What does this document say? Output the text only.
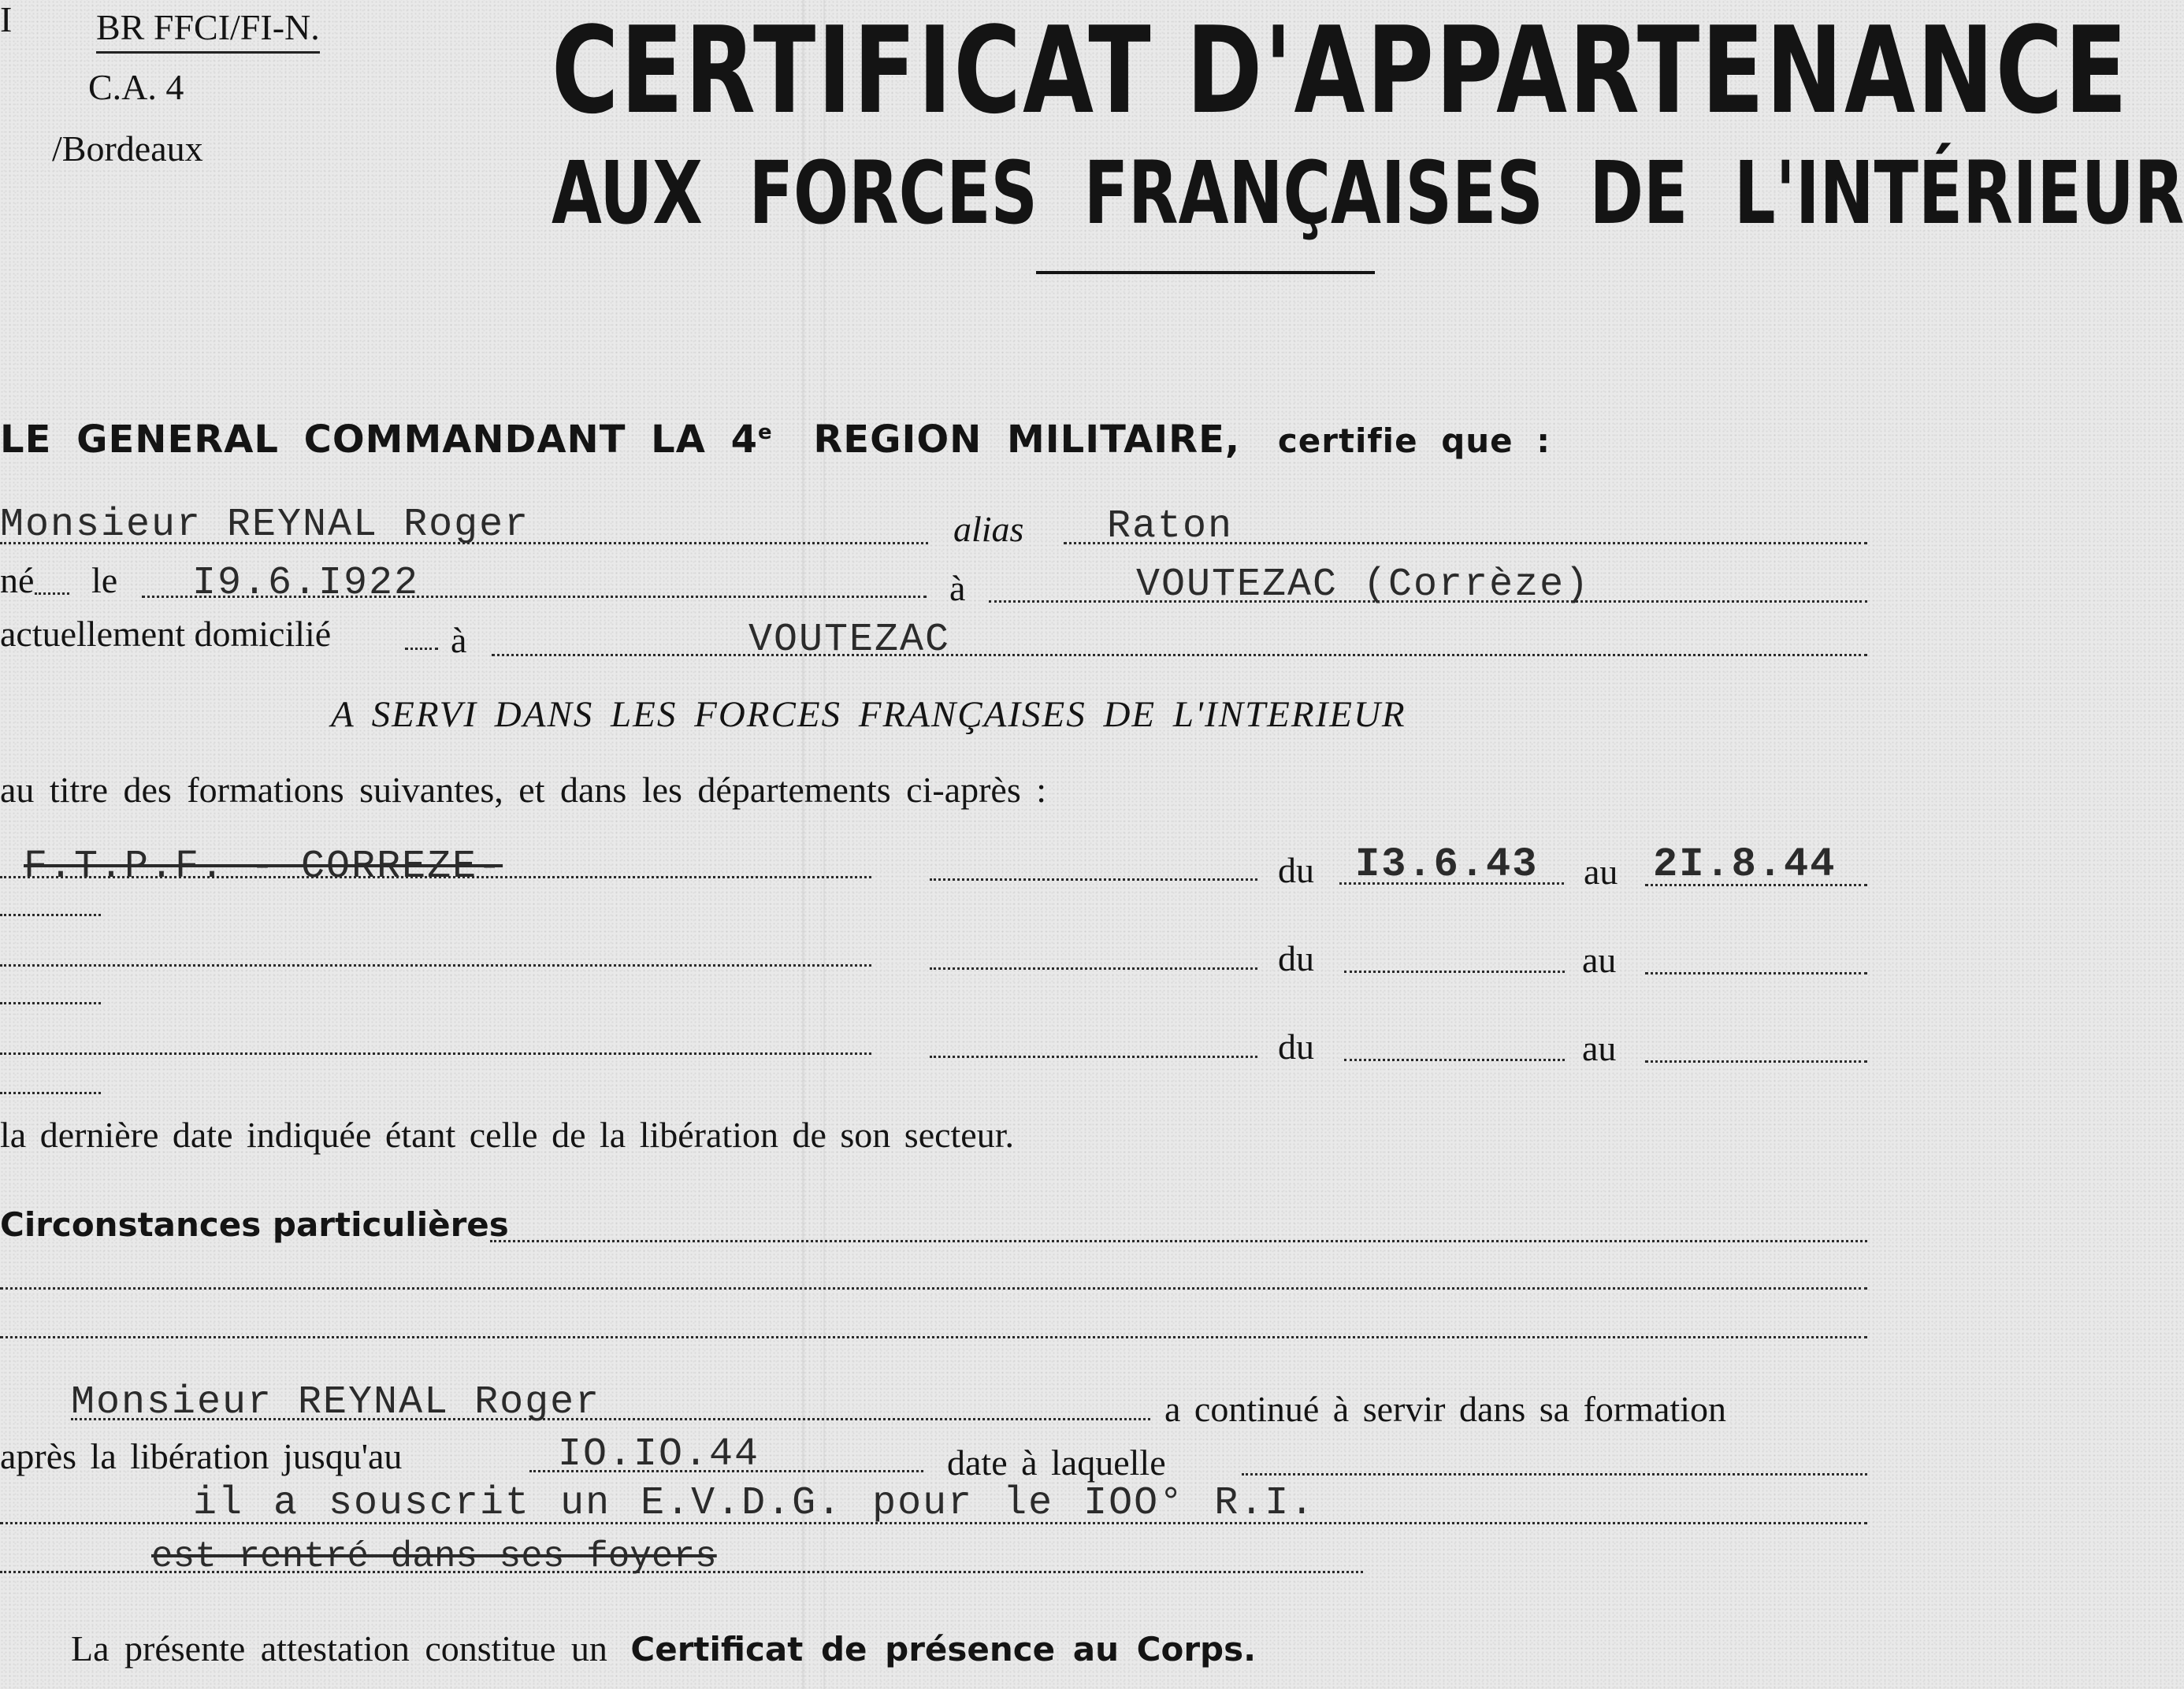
I BR FFCI/FI-N.
C.A. 4
/Bordeaux
CERTIFICAT D'APPARTENANCE
AUX FORCES FRANÇAISES DE L'INTÉRIEUR
LE GENERAL COMMANDANT LA 4e REGION MILITAIRE, certifie que :
Monsieur REYNAL Roger	alias Raton
né le I9.6.I922	à	VOUTEZAC (Corrèze)
actuellement domicilié	à	VOUTEZAC
A SERVI DANS LES FORCES FRANÇAISES DE L'INTERIEUR
au titre des formations suivantes, et dans les départements ci-après :
F.T.P.F. - CORREZE-	du I3.6.43 au 2I.8.44
du	au
du	au
la dernière date indiquée étant celle de la libération de son secteur.
Circonstances particulières
Monsieur REYNAL Roger	a continué à servir dans sa formation
après la libération jusqu'au	IO.IO.44	date à laquelle
il a souscrit un E.V.D.G. pour le IOO° R.I.
est rentré dans ses foyers
La présente attestation constitue un Certificat de présence au Corps.
